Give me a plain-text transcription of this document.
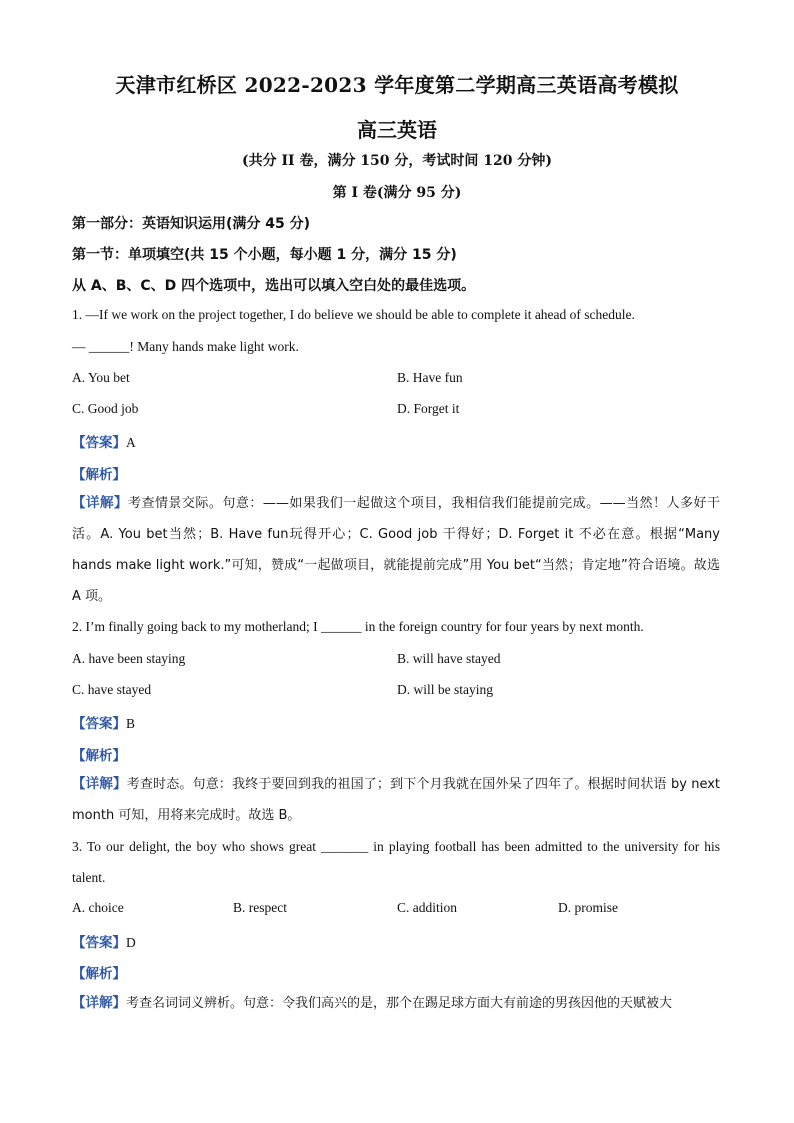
天津市红桥区 2022-2023 学年度第二学期高三英语高考模拟
高三英语
(共分 II 卷，满分 150 分，考试时间 120 分钟)
第 I 卷(满分 95 分)
第一部分：英语知识运用(满分 45 分)
第一节：单项填空(共 15 个小题，每小题 1 分，满分 15 分)
从 A、B、C、D 四个选项中，选出可以填入空白处的最佳选项。
1. —If we work on the project together, I do believe we should be able to complete it ahead of schedule.
— ______! Many hands make light work.
A. You bet	B. Have fun
C. Good job	D. Forget it
【答案】A
【解析】
【详解】考查情景交际。句意：——如果我们一起做这个项目，我相信我们能提前完成。——当然！人多好干活。A. You bet当然；B. Have fun玩得开心；C. Good job 干得好；D. Forget it 不必在意。根据“Many hands make light work.”可知，赞成“一起做项目，就能提前完成”用 You bet“当然；肯定地”符合语境。故选 A 项。
2. I’m finally going back to my motherland; I ______ in the foreign country for four years by next month.
A. have been staying	B. will have stayed
C. have stayed	D. will be staying
【答案】B
【解析】
【详解】考查时态。句意：我终于要回到我的祖国了；到下个月我就在国外呆了四年了。根据时间状语 by next month 可知，用将来完成时。故选 B。
3. To our delight, the boy who shows great _______ in playing football has been admitted to the university for his talent.
A. choice	B. respect	C. addition	D. promise
【答案】D
【解析】
【详解】考查名词词义辨析。句意：令我们高兴的是，那个在踢足球方面大有前途的男孩因他的天赋被大
